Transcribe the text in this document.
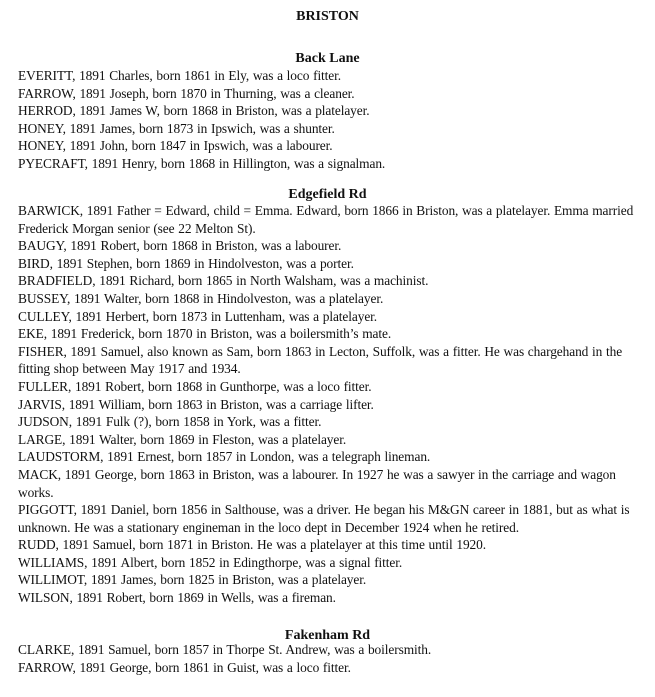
BRISTON
Back Lane
EVERITT, 1891 Charles, born 1861 in Ely, was a loco fitter.
FARROW, 1891 Joseph, born 1870 in Thurning, was a cleaner.
HERROD, 1891 James W, born 1868 in Briston, was a platelayer.
HONEY, 1891 James, born 1873 in Ipswich, was a shunter.
HONEY, 1891 John, born 1847 in Ipswich, was a labourer.
PYECRAFT, 1891 Henry, born 1868 in Hillington, was a signalman.
Edgefield Rd
BARWICK, 1891 Father = Edward, child = Emma. Edward, born 1866 in Briston, was a platelayer. Emma married Frederick Morgan senior (see 22 Melton St).
BAUGY, 1891 Robert, born 1868 in Briston, was a labourer.
BIRD, 1891 Stephen, born 1869 in Hindolveston, was a porter.
BRADFIELD, 1891 Richard, born 1865 in North Walsham, was a machinist.
BUSSEY, 1891 Walter, born 1868 in Hindolveston, was a platelayer.
CULLEY, 1891 Herbert, born 1873 in Luttenham, was a platelayer.
EKE, 1891 Frederick, born 1870 in Briston, was a boilersmith’s mate.
FISHER, 1891 Samuel, also known as Sam, born 1863 in Lecton, Suffolk, was a fitter. He was chargehand in the fitting shop between May 1917 and 1934.
FULLER, 1891 Robert, born 1868 in Gunthorpe, was a loco fitter.
JARVIS, 1891 William, born 1863 in Briston, was a carriage lifter.
JUDSON, 1891 Fulk (?), born 1858 in York, was a fitter.
LARGE, 1891 Walter, born 1869 in Fleston, was a platelayer.
LAUDSTORM, 1891 Ernest, born 1857 in London, was a telegraph lineman.
MACK, 1891 George, born 1863 in Briston, was a labourer. In 1927 he was a sawyer in the carriage and wagon works.
PIGGOTT, 1891 Daniel, born 1856 in Salthouse, was a driver. He began his M&GN career in 1881, but as what is unknown. He was a stationary engineman in the loco dept in December 1924 when he retired.
RUDD, 1891 Samuel, born 1871 in Briston. He was a platelayer at this time until 1920.
WILLIAMS, 1891 Albert, born 1852 in Edingthorpe, was a signal fitter.
WILLIMOT, 1891 James, born 1825 in Briston, was a platelayer.
WILSON, 1891 Robert, born 1869 in Wells, was a fireman.
Fakenham Rd
CLARKE, 1891 Samuel, born 1857 in Thorpe St. Andrew, was a boilersmith.
FARROW, 1891 George, born 1861 in Guist, was a loco fitter.
